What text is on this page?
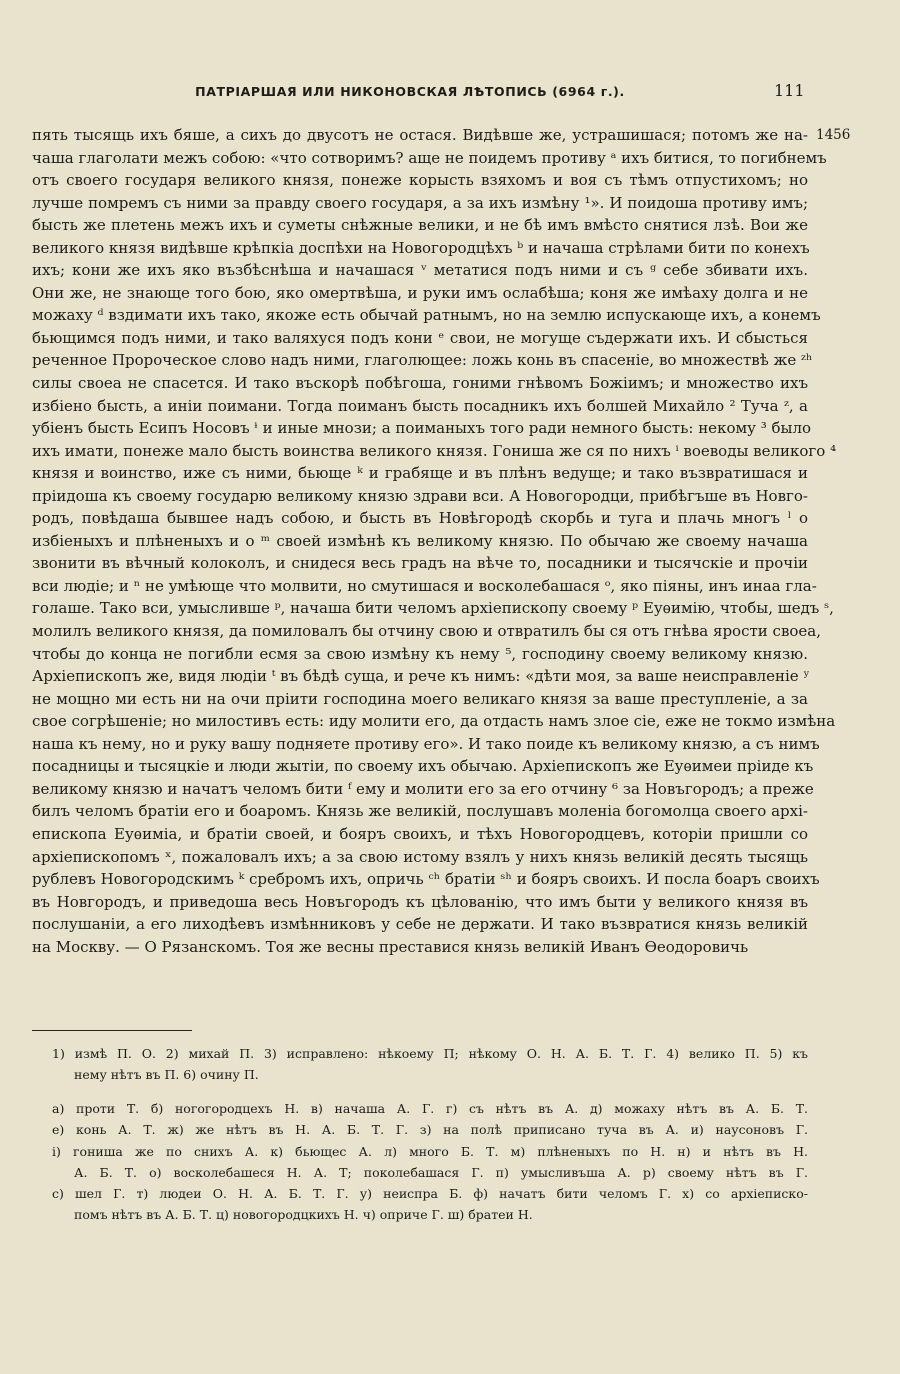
ПАТРІАРШАЯ ИЛИ НИКОНОВСКАЯ ЛѢТОПИСЬ (6964 г.).	111
1456
пять тысящь ихъ бяше, а сихъ до двусотъ не остася. Видѣвше же, устрашишася; потомъ же на-
чаша глаголати межъ собою: «что сотворимъ? аще не поидемъ противу ᵃ ихъ битися, то погибнемъ
отъ своего государя великого князя, понеже корысть взяхомъ и воя съ тѣмъ отпустихомъ; но
лучше помремъ съ ними за правду своего государя, а за ихъ измѣну ¹». И поидоша противу имъ;
бысть же плетень межъ ихъ и суметы снѣжные велики, и не бѣ имъ вмѣсто снятися лзѣ. Вои же
великого князя видѣвше крѣпкіа доспѣхи на Новогородцѣхъ ᵇ и начаша стрѣлами бити по конехъ
ихъ; кони же ихъ яко възбѣснѣша и начашася ᵛ метатися подъ ними и съ ᵍ себе збивати ихъ.
Они же, не знающе того бою, яко омертвѣша, и руки имъ ослабѣша; коня же имѣаху долга и не
можаху ᵈ вздимати ихъ тако, якоже есть обычай ратнымъ, но на землю испускающе ихъ, а конемъ
бьющимся подъ ними, и тако валяхуся подъ кони ᵉ свои, не могуще съдержати ихъ. И сбысться
реченное Пророческое слово надъ ними, глаголющее: ложь конь въ спасеніе, во множествѣ же ᶻʰ
силы своеа не спасется. И тако въскорѣ побѣгоша, гоними гнѣвомъ Божіимъ; и множество ихъ
избіено бысть, а иніи поимани. Тогда поиманъ бысть посадникъ ихъ болшей Михайло ² Туча ᶻ, а
убіенъ бысть Есипъ Носовъ ᶤ и иные мнози; а поиманыхъ того ради немного бысть: некому ³ было
ихъ имати, понеже мало бысть воинства великого князя. Гониша же ся по нихъ ⁱ воеводы великого ⁴
князя и воинство, иже съ ними, бьюще ᵏ и грабяще и въ плѣнъ ведуще; и тако възвратишася и
пріидоша къ своему государю великому князю здрави вси. А Новогородци, прибѣгъше въ Новго-
родъ, повѣдаша бывшее надъ собою, и бысть въ Новѣгородѣ скорбь и туга и плачь многъ ˡ о
избіеныхъ и плѣненыхъ и о ᵐ своей измѣнѣ къ великому князю. По обычаю же своему начаша
звонити въ вѣчный колоколъ, и снидеся весь градъ на вѣче то, посадники и тысячскіе и прочіи
вси людіе; и ⁿ не умѣюще что молвити, но смутишася и восколебашася ᵒ, яко піяны, инъ инаа гла-
голаше. Тако вси, умысливше ᵖ, начаша бити челомъ архіепископу своему ᵖ Еуѳимію, чтобы, шедъ ˢ,
молилъ великого князя, да помиловалъ бы отчину свою и отвратилъ бы ся отъ гнѣва ярости своеа,
чтобы до конца не погибли есмя за свою измѣну къ нему ⁵, господину своему великому князю.
Архіепископъ же, видя людіи ᵗ въ бѣдѣ суща, и рече къ нимъ: «дѣти моя, за ваше неисправленіе ʸ
не мощно ми есть ни на очи пріити господина моего великаго князя за ваше преступленіе, а за
свое согрѣшеніе; но милостивъ есть: иду молити его, да отдасть намъ злое сіе, еже не токмо измѣна
наша къ нему, но и руку вашу подняете противу его». И тако поиде къ великому князю, а съ нимъ
посадницы и тысяцкіе и люди жытіи, по своему ихъ обычаю. Архіепископъ же Еуѳимеи пріиде къ
великому князю и начатъ челомъ бити ᶠ ему и молити его за его отчину ⁶ за Новъгородъ; а преже
билъ челомъ братіи его и боаромъ. Князь же великій, послушавъ моленіа богомолца своего архі-
епископа Еуѳиміа, и братіи своей, и бояръ своихъ, и тѣхъ Новогородцевъ, которіи пришли со
архіепископомъ ˣ, пожаловалъ ихъ; а за свою истому взялъ у нихъ князь великій десять тысящь
рублевъ Новогородскимъ ᵏ сребромъ ихъ, опричь ᶜʰ братіи ˢʰ и бояръ своихъ. И посла боаръ своихъ
въ Новгородъ, и приведоша весь Новъгородъ къ цѣлованію, что имъ быти у великого князя въ
послушаніи, а его лиходѣевъ измѣнниковъ у себе не держати. И тако възвратися князь великій
на Москву. — О Рязанскомъ. Тоя же весны преставися князь великій Иванъ Ѳеодоровичь
1) измѣ П. О. 2) михай П. 3) исправлено: нѣкоему П; нѣкому О. Н. А. Б. Т. Г. 4) велико П. 5) къ
нему нѣтъ въ П. 6) очину П.
а) проти Т. б) ногогородцехъ Н. в) начаша А. Г. г) съ нѣтъ въ А. д) можаху нѣтъ въ А. Б. Т.
е) конь А. Т. ж) же нѣтъ въ Н. А. Б. Т. Г. з) на полѣ приписано туча въ А. и) наусоновъ Г.
і) гониша же по снихъ А. к) бьющес А. л) много Б. Т. м) плѣненыхъ по Н. н) и нѣтъ въ Н.
А. Б. Т. о) восколебашеся Н. А. Т; поколебашася Г. п) умысливъша А. р) своему нѣтъ въ Г.
с) шел Г. т) людеи О. Н. А. Б. Т. Г. у) неиспра Б. ф) начатъ бити челомъ Г. х) со архіеписко-
помъ нѣтъ въ А. Б. Т. ц) новогородцкихъ Н. ч) оприче Г. ш) братеи Н.
